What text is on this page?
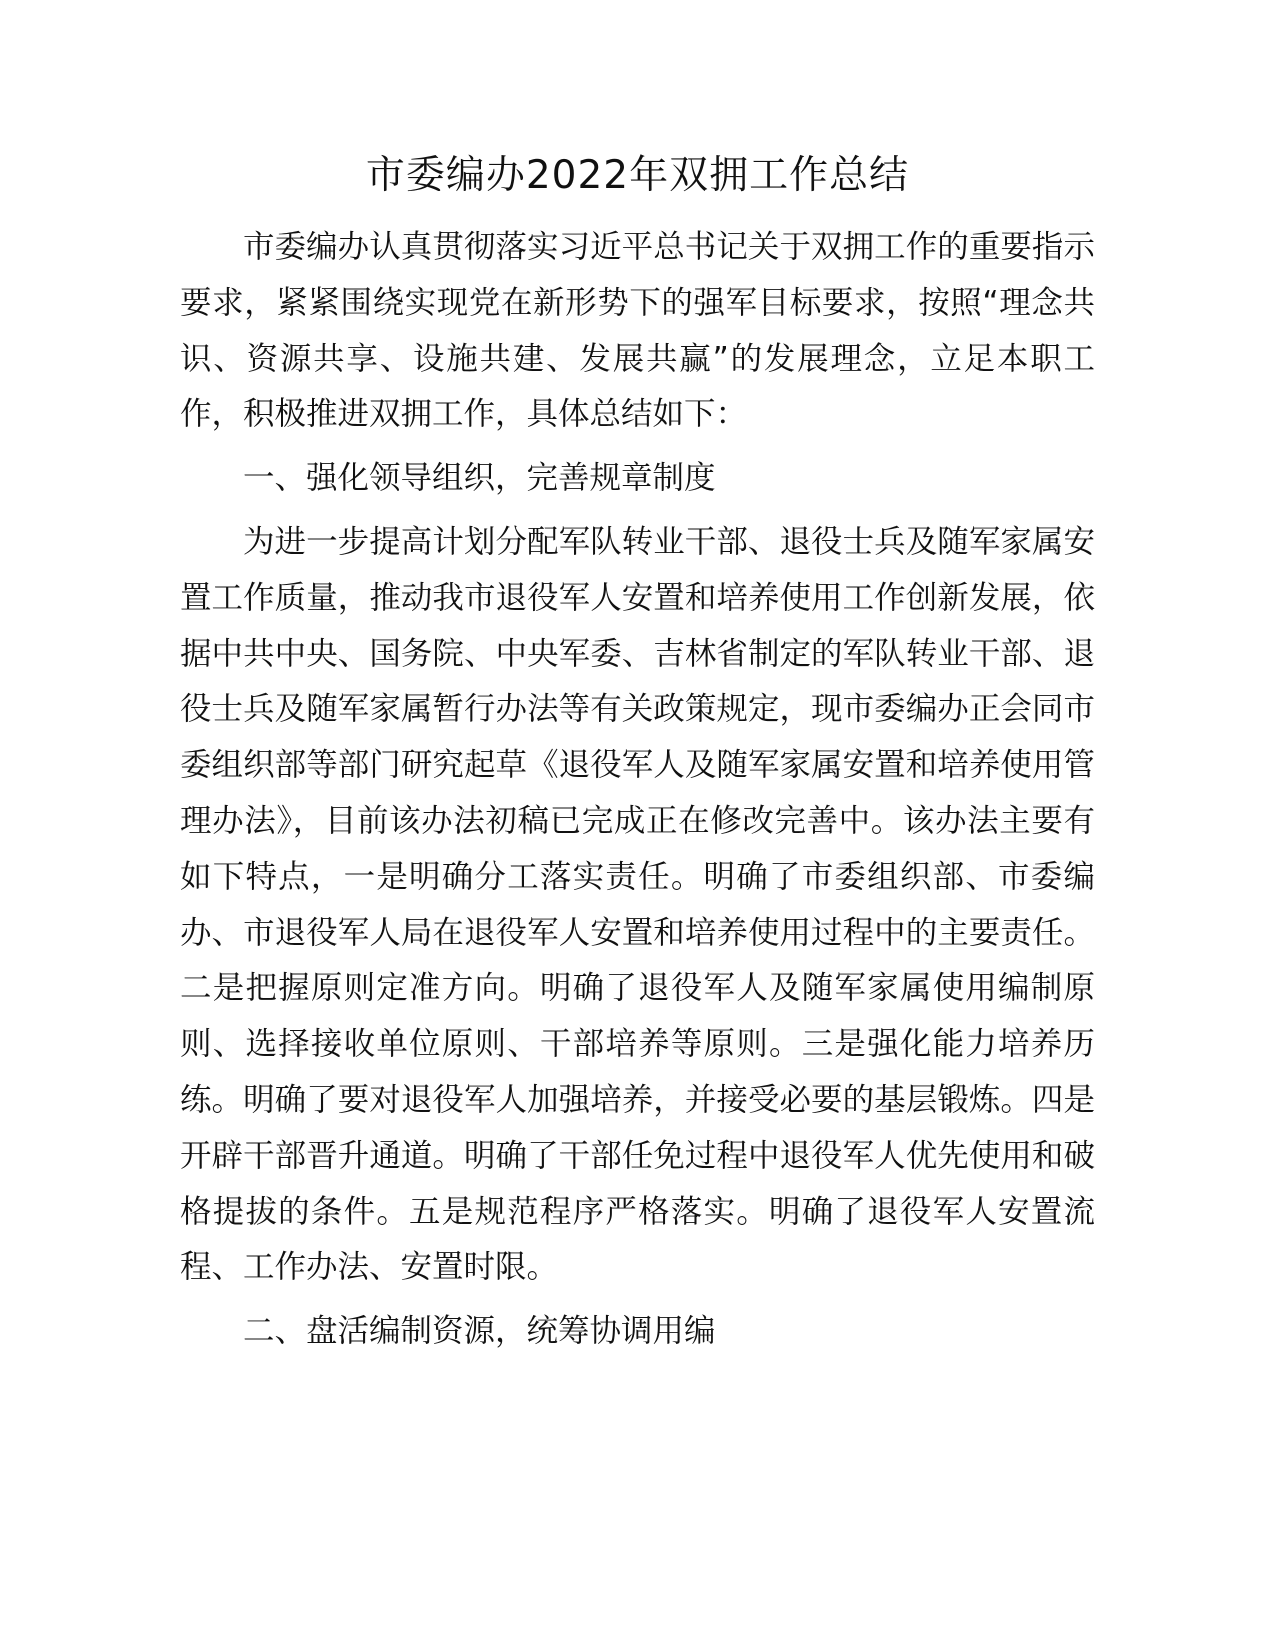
市委编办2022年双拥工作总结

市委编办认真贯彻落实习近平总书记关于双拥工作的重要指示要求，紧紧围绕实现党在新形势下的强军目标要求，按照“理念共识、资源共享、设施共建、发展共赢”的发展理念，立足本职工作，积极推进双拥工作，具体总结如下：

一、强化领导组织，完善规章制度

为进一步提高计划分配军队转业干部、退役士兵及随军家属安置工作质量，推动我市退役军人安置和培养使用工作创新发展，依据中共中央、国务院、中央军委、吉林省制定的军队转业干部、退役士兵及随军家属暂行办法等有关政策规定，现市委编办正会同市委组织部等部门研究起草《退役军人及随军家属安置和培养使用管理办法》，目前该办法初稿已完成正在修改完善中。该办法主要有如下特点，一是明确分工落实责任。明确了市委组织部、市委编办、市退役军人局在退役军人安置和培养使用过程中的主要责任。二是把握原则定准方向。明确了退役军人及随军家属使用编制原则、选择接收单位原则、干部培养等原则。三是强化能力培养历练。明确了要对退役军人加强培养，并接受必要的基层锻炼。四是开辟干部晋升通道。明确了干部任免过程中退役军人优先使用和破格提拔的条件。五是规范程序严格落实。明确了退役军人安置流程、工作办法、安置时限。

二、盘活编制资源，统筹协调用编
